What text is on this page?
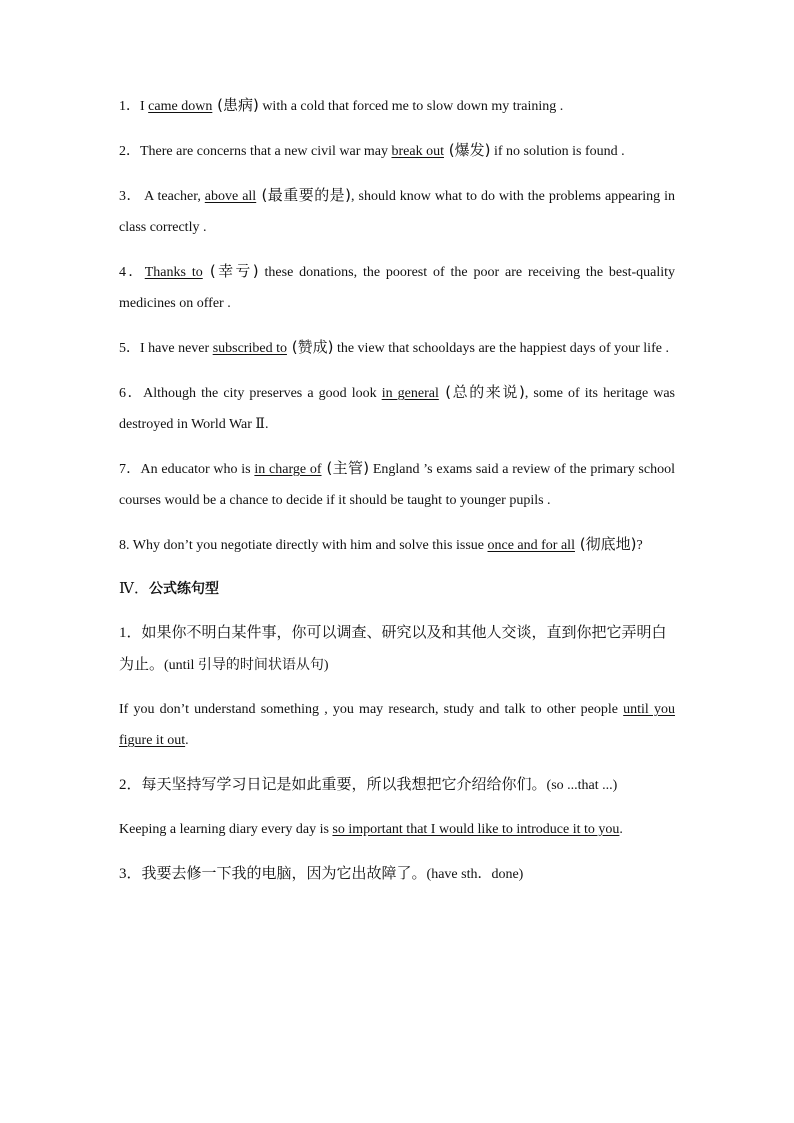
1．I came down (患病) with a cold that forced me to slow down my training .
2．There are concerns that a new civil war may break out (爆发) if no solution is found .
3． A teacher, above all (最重要的是), should know what to do with the problems appearing in class correctly .
4．Thanks to (幸亏) these donations, the poorest of the poor are receiving the best-quality medicines on offer .
5．I have never subscribed to (赞成) the view that schooldays are the happiest days of your life .
6．Although the city preserves a good look in general (总的来说), some of its heritage was destroyed in World War Ⅱ.
7．An educator who is in charge of (主管) England ’s exams said a review of the primary school courses would be a chance to decide if it should be taught to younger pupils .
8. Why don’t you negotiate directly with him and solve this issue once and for all (彻底地)?
Ⅳ．公式练句型
1．如果你不明白某件事，你可以调查、研究以及和其他人交谈，直到你把它弄明白为止。(until 引导的时间状语从句)
If you don’t understand something , you may research, study and talk to other people until you figure it out.
2．每天坚持写学习日记是如此重要，所以我想把它介绍给你们。(so ...that ...)
Keeping a learning diary every day is so important that I would like to introduce it to you.
3．我要去修一下我的电脑，因为它出故障了。(have sth．done)
